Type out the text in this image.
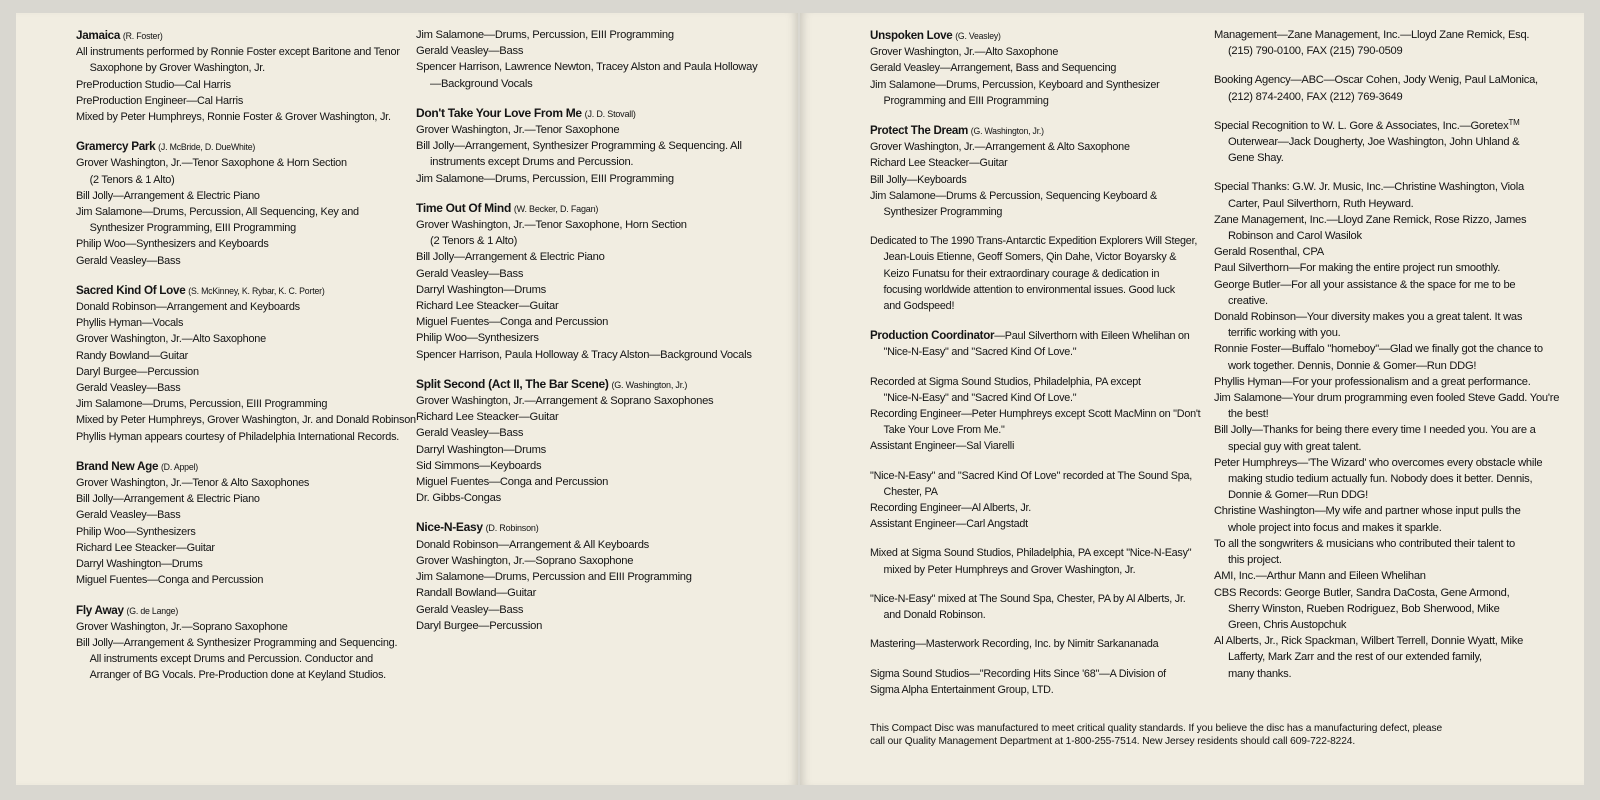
Jamaica (R. Foster)
All instruments performed by Ronnie Foster except Baritone and Tenor
Saxophone by Grover Washington, Jr.
PreProduction Studio—Cal Harris
PreProduction Engineer—Cal Harris
Mixed by Peter Humphreys, Ronnie Foster & Grover Washington, Jr.
Gramercy Park (J. McBride, D. DueWhite)
Grover Washington, Jr.—Tenor Saxophone & Horn Section
(2 Tenors & 1 Alto)
Bill Jolly—Arrangement & Electric Piano
Jim Salamone—Drums, Percussion, All Sequencing, Key and
Synthesizer Programming, EIII Programming
Philip Woo—Synthesizers and Keyboards
Gerald Veasley—Bass
Sacred Kind Of Love (S. McKinney, K. Rybar, K. C. Porter)
Donald Robinson—Arrangement and Keyboards
Phyllis Hyman—Vocals
Grover Washington, Jr.—Alto Saxophone
Randy Bowland—Guitar
Daryl Burgee—Percussion
Gerald Veasley—Bass
Jim Salamone—Drums, Percussion, EIII Programming
Mixed by Peter Humphreys, Grover Washington, Jr. and Donald Robinson
Phyllis Hyman appears courtesy of Philadelphia International Records.
Brand New Age (D. Appel)
Grover Washington, Jr.—Tenor & Alto Saxophones
Bill Jolly—Arrangement & Electric Piano
Gerald Veasley—Bass
Philip Woo—Synthesizers
Richard Lee Steacker—Guitar
Darryl Washington—Drums
Miguel Fuentes—Conga and Percussion
Fly Away (G. de Lange)
Grover Washington, Jr.—Soprano Saxophone
Bill Jolly—Arrangement & Synthesizer Programming and Sequencing.
All instruments except Drums and Percussion. Conductor and
Arranger of BG Vocals. Pre-Production done at Keyland Studios.
Jim Salamone—Drums, Percussion, EIII Programming
Gerald Veasley—Bass
Spencer Harrison, Lawrence Newton, Tracey Alston and Paula Holloway
—Background Vocals
Don't Take Your Love From Me (J. D. Stovall)
Grover Washington, Jr.—Tenor Saxophone
Bill Jolly—Arrangement, Synthesizer Programming & Sequencing. All
instruments except Drums and Percussion.
Jim Salamone—Drums, Percussion, EIII Programming
Time Out Of Mind (W. Becker, D. Fagan)
Grover Washington, Jr.—Tenor Saxophone, Horn Section
(2 Tenors & 1 Alto)
Bill Jolly—Arrangement & Electric Piano
Gerald Veasley—Bass
Darryl Washington—Drums
Richard Lee Steacker—Guitar
Miguel Fuentes—Conga and Percussion
Philip Woo—Synthesizers
Spencer Harrison, Paula Holloway & Tracy Alston—Background Vocals
Split Second (Act II, The Bar Scene) (G. Washington, Jr.)
Grover Washington, Jr.—Arrangement & Soprano Saxophones
Richard Lee Steacker—Guitar
Gerald Veasley—Bass
Darryl Washington—Drums
Sid Simmons—Keyboards
Miguel Fuentes—Conga and Percussion
Dr. Gibbs-Congas
Nice-N-Easy (D. Robinson)
Donald Robinson—Arrangement & All Keyboards
Grover Washington, Jr.—Soprano Saxophone
Jim Salamone—Drums, Percussion and EIII Programming
Randall Bowland—Guitar
Gerald Veasley—Bass
Daryl Burgee—Percussion
Unspoken Love (G. Veasley)
Grover Washington, Jr.—Alto Saxophone
Gerald Veasley—Arrangement, Bass and Sequencing
Jim Salamone—Drums, Percussion, Keyboard and Synthesizer
Programming and EIII Programming
Protect The Dream (G. Washington, Jr.)
Grover Washington, Jr.—Arrangement & Alto Saxophone
Richard Lee Steacker—Guitar
Bill Jolly—Keyboards
Jim Salamone—Drums & Percussion, Sequencing Keyboard &
Synthesizer Programming
Dedicated to The 1990 Trans-Antarctic Expedition Explorers Will Steger,
Jean-Louis Etienne, Geoff Somers, Qin Dahe, Victor Boyarsky &
Keizo Funatsu for their extraordinary courage & dedication in
focusing worldwide attention to environmental issues. Good luck
and Godspeed!
Production Coordinator—Paul Silverthorn with Eileen Whelihan on
"Nice-N-Easy" and "Sacred Kind Of Love."
Recorded at Sigma Sound Studios, Philadelphia, PA except
"Nice-N-Easy" and "Sacred Kind Of Love."
Recording Engineer—Peter Humphreys except Scott MacMinn on "Don't
Take Your Love From Me."
Assistant Engineer—Sal Viarelli
"Nice-N-Easy" and "Sacred Kind Of Love" recorded at The Sound Spa,
Chester, PA
Recording Engineer—Al Alberts, Jr.
Assistant Engineer—Carl Angstadt
Mixed at Sigma Sound Studios, Philadelphia, PA except "Nice-N-Easy"
mixed by Peter Humphreys and Grover Washington, Jr.
"Nice-N-Easy" mixed at The Sound Spa, Chester, PA by Al Alberts, Jr.
and Donald Robinson.
Mastering—Masterwork Recording, Inc. by Nimitr Sarkananada
Sigma Sound Studios—"Recording Hits Since '68"—A Division of
Sigma Alpha Entertainment Group, LTD.
Management—Zane Management, Inc.—Lloyd Zane Remick, Esq.
(215) 790-0100, FAX (215) 790-0509
Booking Agency—ABC—Oscar Cohen, Jody Wenig, Paul LaMonica,
(212) 874-2400, FAX (212) 769-3649
Special Recognition to W. L. Gore & Associates, Inc.—Goretex™
Outerwear—Jack Dougherty, Joe Washington, John Uhland &
Gene Shay.
Special Thanks: G.W. Jr. Music, Inc.—Christine Washington, Viola
Carter, Paul Silverthorn, Ruth Heyward.
Zane Management, Inc.—Lloyd Zane Remick, Rose Rizzo, James
Robinson and Carol Wasilok
Gerald Rosenthal, CPA
Paul Silverthorn—For making the entire project run smoothly.
George Butler—For all your assistance & the space for me to be
creative.
Donald Robinson—Your diversity makes you a great talent. It was
terrific working with you.
Ronnie Foster—Buffalo "homeboy"—Glad we finally got the chance to
work together. Dennis, Donnie & Gomer—Run DDG!
Phyllis Hyman—For your professionalism and a great performance.
Jim Salamone—Your drum programming even fooled Steve Gadd. You're
the best!
Bill Jolly—Thanks for being there every time I needed you. You are a
special guy with great talent.
Peter Humphreys—'The Wizard' who overcomes every obstacle while
making studio tedium actually fun. Nobody does it better. Dennis,
Donnie & Gomer—Run DDG!
Christine Washington—My wife and partner whose input pulls the
whole project into focus and makes it sparkle.
To all the songwriters & musicians who contributed their talent to
this project.
AMI, Inc.—Arthur Mann and Eileen Whelihan
CBS Records: George Butler, Sandra DaCosta, Gene Armond,
Sherry Winston, Rueben Rodriguez, Bob Sherwood, Mike
Green, Chris Austopchuk
Al Alberts, Jr., Rick Spackman, Wilbert Terrell, Donnie Wyatt, Mike
Lafferty, Mark Zarr and the rest of our extended family,
many thanks.
This Compact Disc was manufactured to meet critical quality standards. If you believe the disc has a manufacturing defect, please
call our Quality Management Department at 1-800-255-7514. New Jersey residents should call 609-722-8224.
